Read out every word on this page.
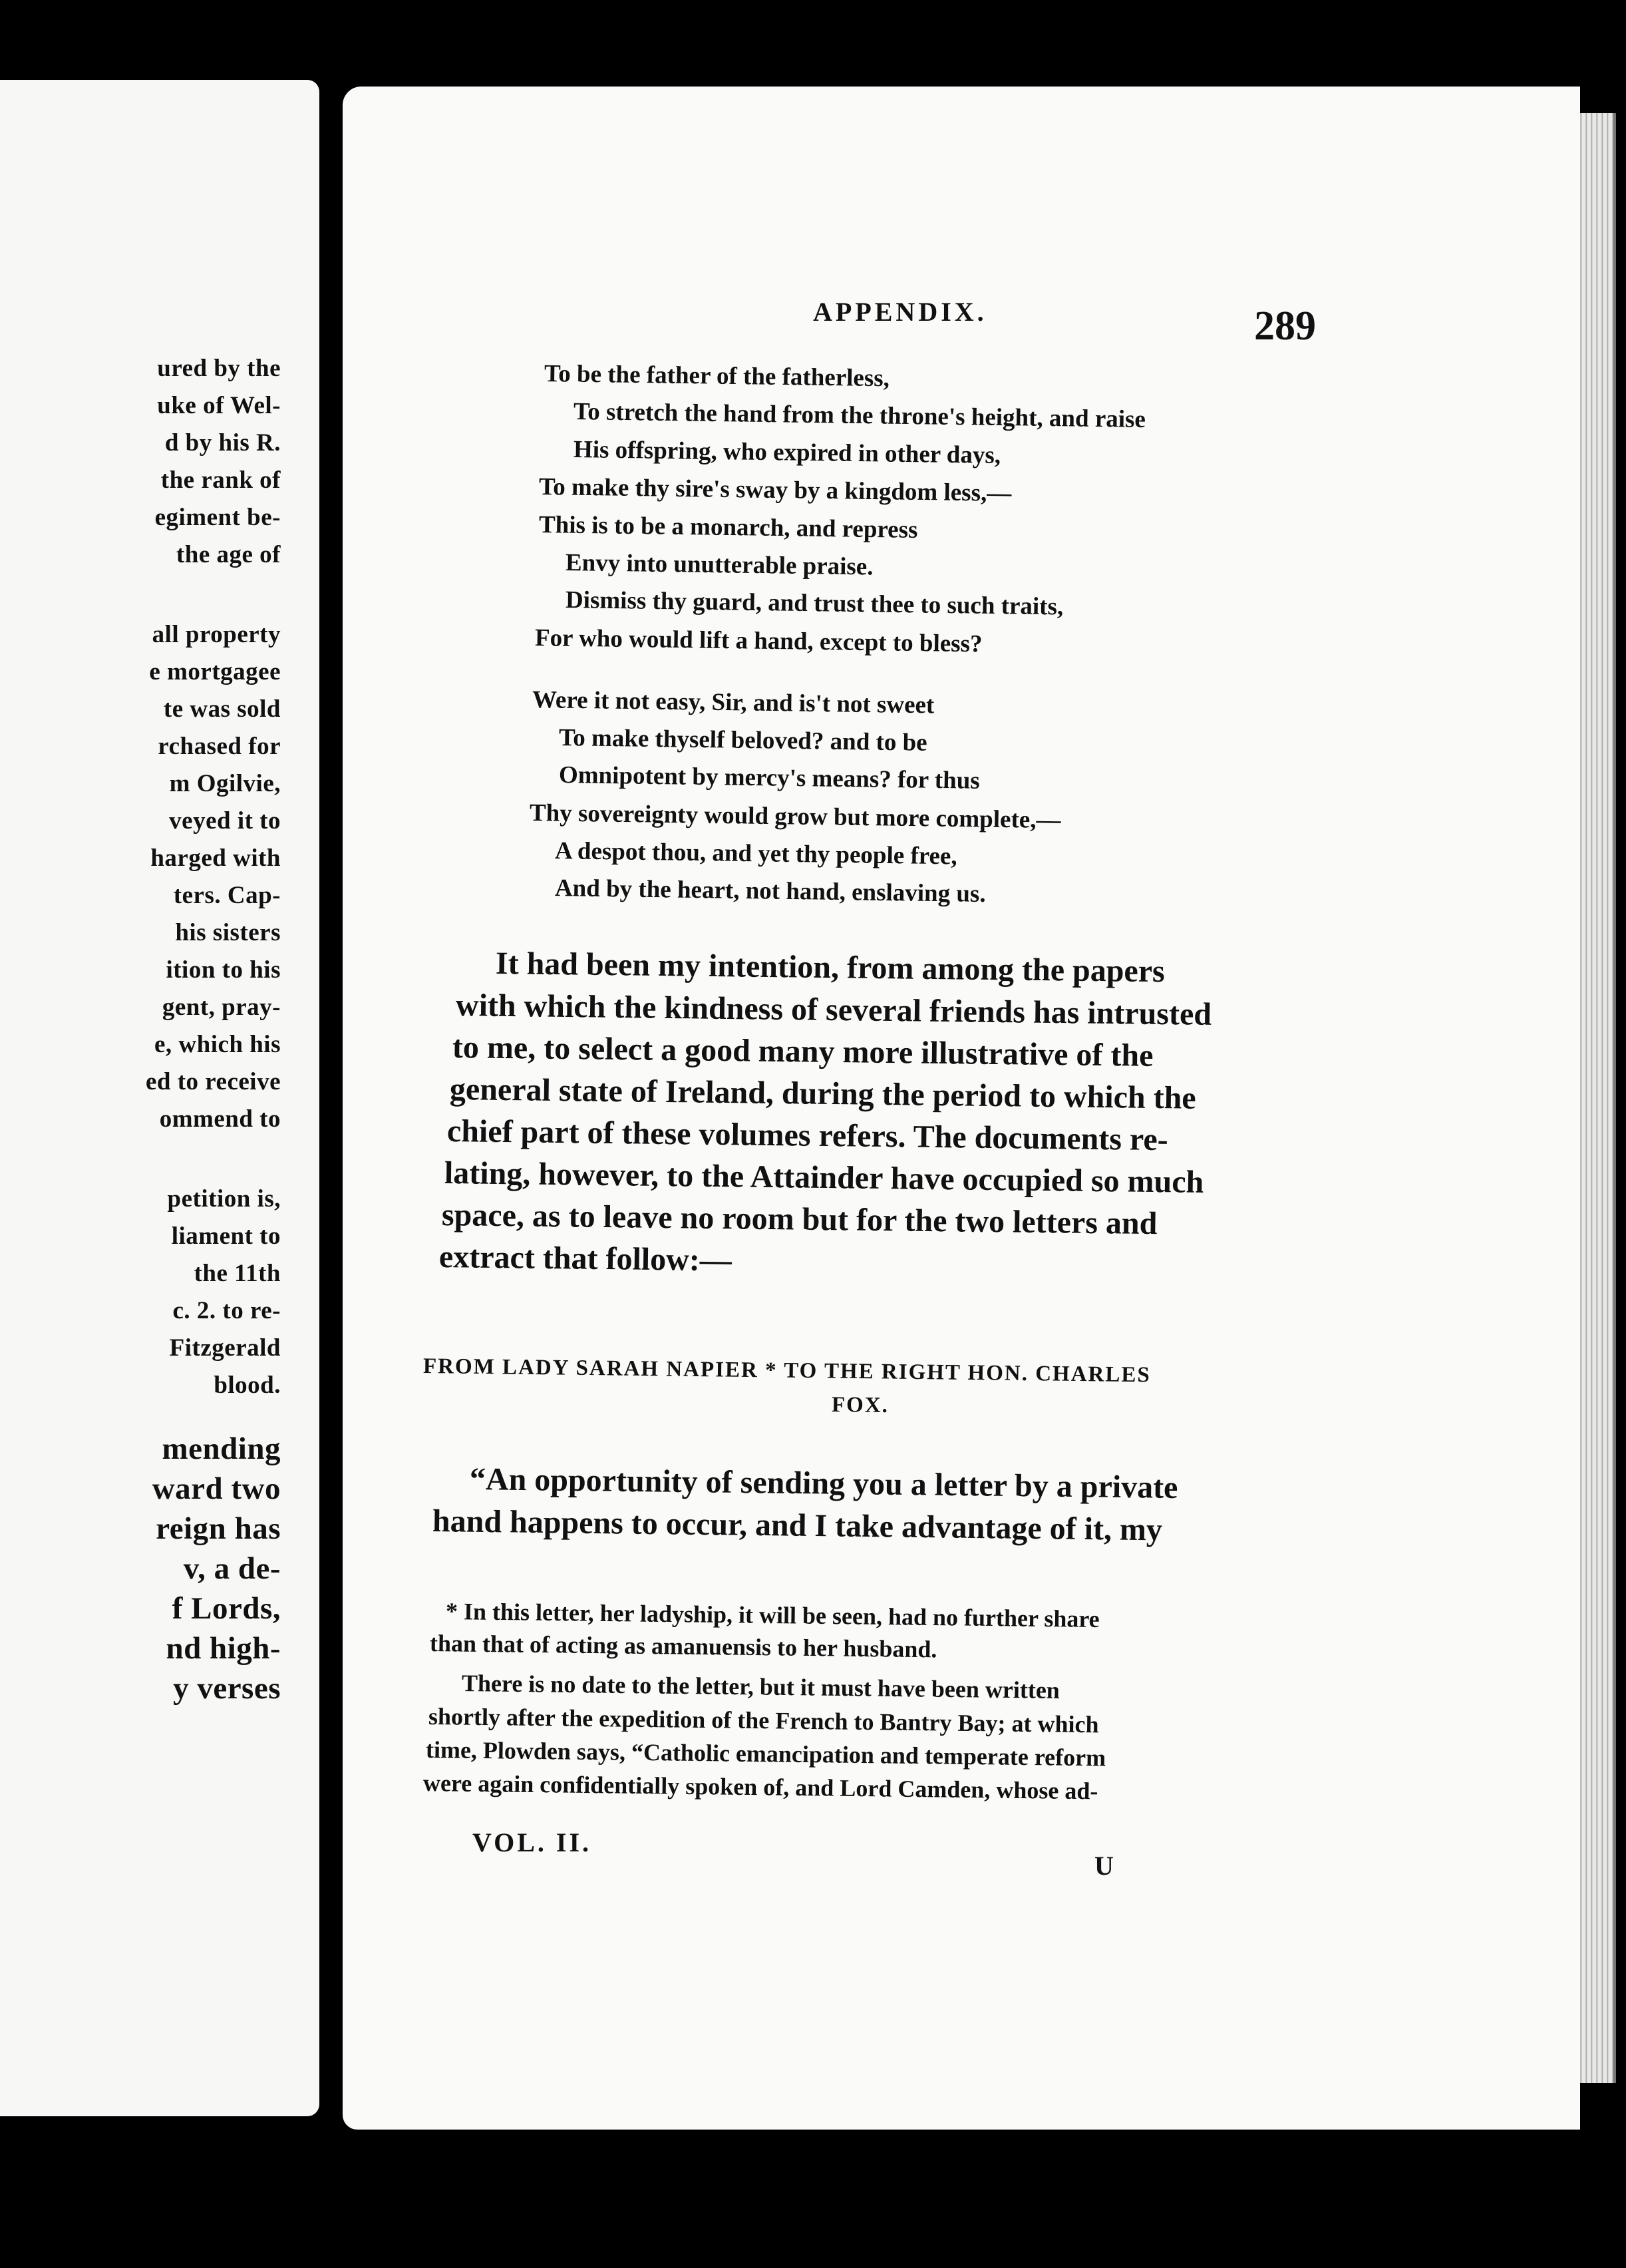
ured by the
uke of Wel-
d by his R.
the rank of
egiment be-
the age of
all property
e mortgagee
te was sold
rchased for
m Ogilvie,
veyed it to
harged with
ters. Cap-
his sisters
ition to his
gent, pray-
e, which his
ed to receive
ommend to
petition is,
liament to
the 11th
c. 2. to re-
Fitzgerald
blood.
mending
ward two
reign has
v, a de-
f Lords,
nd high-
y verses
APPENDIX.	289
To be the father of the fatherless,
To stretch the hand from the throne's height, and raise
His offspring, who expired in other days,
To make thy sire's sway by a kingdom less,—
This is to be a monarch, and repress
Envy into unutterable praise.
Dismiss thy guard, and trust thee to such traits,
For who would lift a hand, except to bless?
Were it not easy, Sir, and is't not sweet
To make thyself beloved? and to be
Omnipotent by mercy's means? for thus
Thy sovereignty would grow but more complete,—
A despot thou, and yet thy people free,
And by the heart, not hand, enslaving us.
It had been my intention, from among the papers
with which the kindness of several friends has intrusted
to me, to select a good many more illustrative of the
general state of Ireland, during the period to which the
chief part of these volumes refers. The documents re-
lating, however, to the Attainder have occupied so much
space, as to leave no room but for the two letters and
extract that follow:—
FROM LADY SARAH NAPIER * TO THE RIGHT HON. CHARLES
FOX.
“An opportunity of sending you a letter by a private
hand happens to occur, and I take advantage of it, my
* In this letter, her ladyship, it will be seen, had no further share
than that of acting as amanuensis to her husband.
There is no date to the letter, but it must have been written
shortly after the expedition of the French to Bantry Bay; at which
time, Plowden says, “Catholic emancipation and temperate reform
were again confidentially spoken of, and Lord Camden, whose ad-
VOL. II.
U
